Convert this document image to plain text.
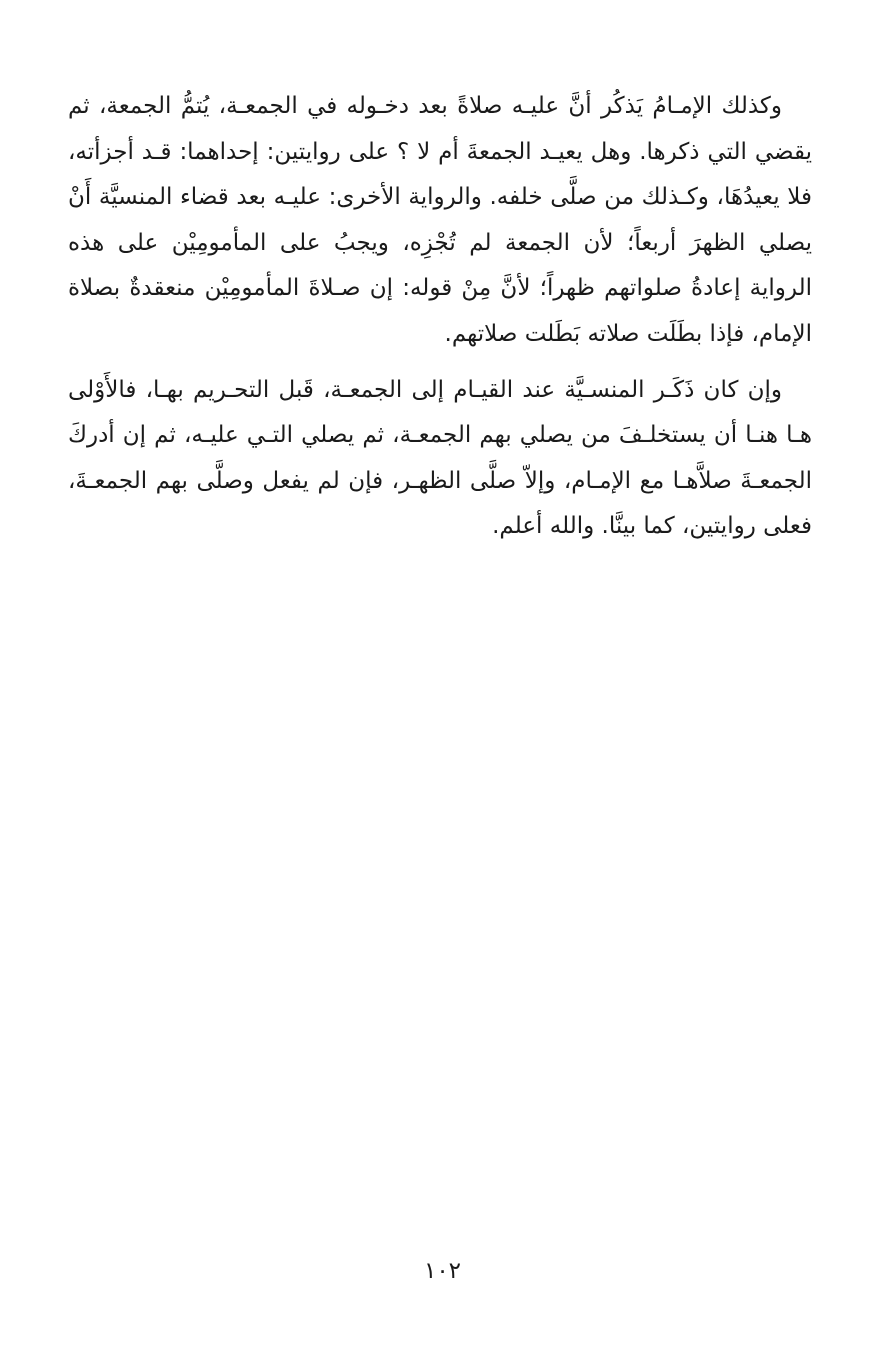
وكذلك الإمـامُ يَذكُر أنَّ عليـه صلاةً بعد دخـوله في الجمعـة، يُتمُّ الجمعة، ثم يقضي التي ذكرها. وهل يعيـد الجمعةَ أم لا ؟ على روايتين: إحداهما: قـد أجزأته، فلا يعيدُهَا، وكـذلك من صلَّى خلفه. والرواية الأخرى: عليـه بعد قضاء المنسيَّة أَنْ يصلي الظهرَ أربعاً؛ لأن الجمعة لم تُجْزِه، ويجبُ على المأمومِيْن على هذه الرواية إعادةُ صلواتهم ظهراً؛ لأنَّ مِنْ قوله: إن صـلاةَ المأمومِيْن منعقدةٌ بصلاة الإمام، فإذا بطَلَت صلاته بَطَلت صلاتهم.

وإن كان ذَكَـر المنسـيَّة عند القيـام إلى الجمعـة، قَبل التحـريم بهـا، فالأَوْلى هـا هنـا أن يستخلـفَ من يصلي بهم الجمعـة، ثم يصلي التـي عليـه، ثم إن أدركَ الجمعـةَ صلاَّهـا مع الإمـام، وإلاّ صلَّى الظهـر، فإن لم يفعل وصلَّى بهم الجمعـةَ، فعلى روايتين، كما بينَّا. والله أعلم.

١٠٢
